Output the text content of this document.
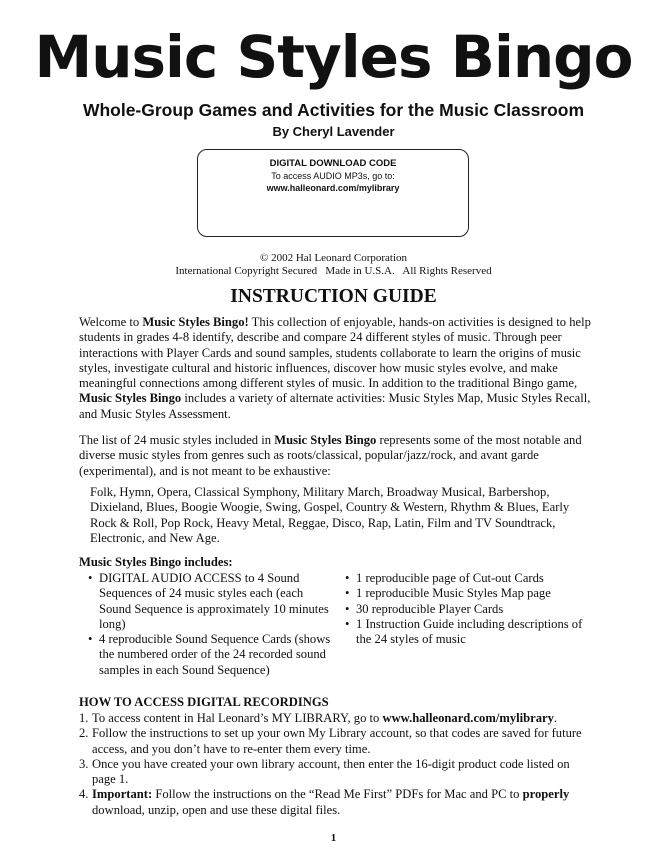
Music Styles Bingo
Whole-Group Games and Activities for the Music Classroom
By Cheryl Lavender
DIGITAL DOWNLOAD CODE
To access AUDIO MP3s, go to:
www.halleonard.com/mylibrary
© 2002 Hal Leonard Corporation
International Copyright Secured   Made in U.S.A.   All Rights Reserved
INSTRUCTION GUIDE
Welcome to Music Styles Bingo! This collection of enjoyable, hands-on activities is designed to help students in grades 4-8 identify, describe and compare 24 different styles of music. Through peer interactions with Player Cards and sound samples, students collaborate to learn the origins of music styles, investigate cultural and historic influences, discover how music styles evolve, and make meaningful connections among different styles of music. In addition to the traditional Bingo game, Music Styles Bingo includes a variety of alternate activities: Music Styles Map, Music Styles Recall, and Music Styles Assessment.
The list of 24 music styles included in Music Styles Bingo represents some of the most notable and diverse music styles from genres such as roots/classical, popular/jazz/rock, and avant garde (experimental), and is not meant to be exhaustive:
Folk, Hymn, Opera, Classical Symphony, Military March, Broadway Musical, Barbershop, Dixieland, Blues, Boogie Woogie, Swing, Gospel, Country & Western, Rhythm & Blues, Early Rock & Roll, Pop Rock, Heavy Metal, Reggae, Disco, Rap, Latin, Film and TV Soundtrack, Electronic, and New Age.
Music Styles Bingo includes:
• DIGITAL AUDIO ACCESS to 4 Sound Sequences of 24 music styles each (each Sound Sequence is approximately 10 minutes long)
• 4 reproducible Sound Sequence Cards (shows the numbered order of the 24 recorded sound samples in each Sound Sequence)
• 1 reproducible page of Cut-out Cards
• 1 reproducible Music Styles Map page
• 30 reproducible Player Cards
• 1 Instruction Guide including descriptions of the 24 styles of music
HOW TO ACCESS DIGITAL RECORDINGS
1. To access content in Hal Leonard’s MY LIBRARY, go to www.halleonard.com/mylibrary.
2. Follow the instructions to set up your own My Library account, so that codes are saved for future access, and you don’t have to re-enter them every time.
3. Once you have created your own library account, then enter the 16-digit product code listed on page 1.
4. Important: Follow the instructions on the “Read Me First” PDFs for Mac and PC to properly download, unzip, open and use these digital files.
1
